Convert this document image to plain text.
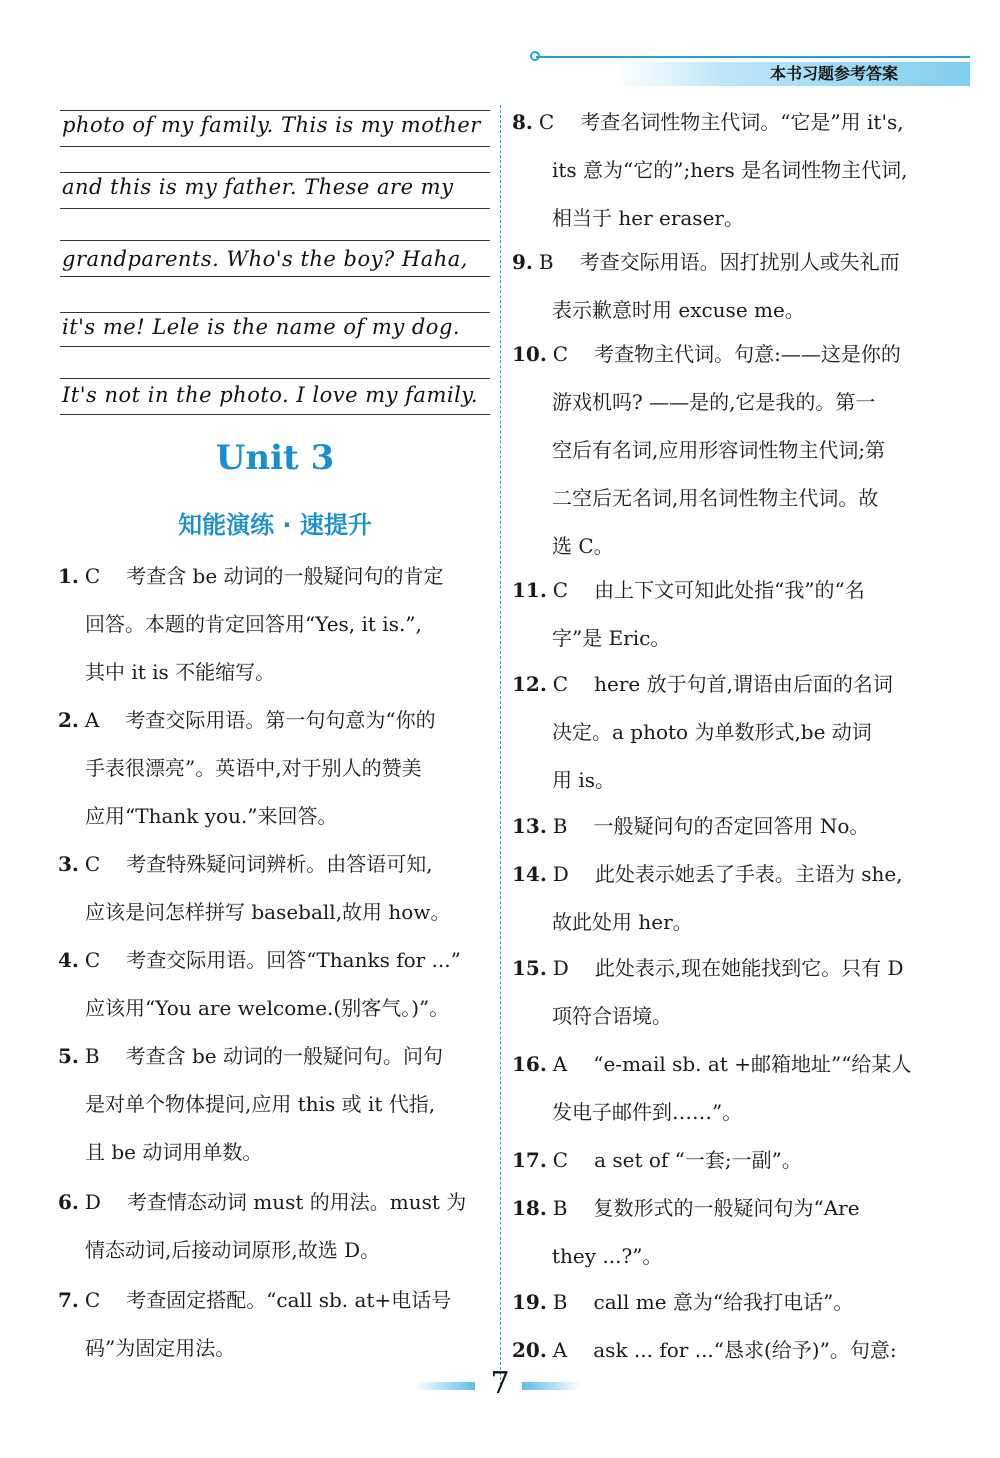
本书习题参考答案
photo of my family. This is my mother
and this is my father. These are my
grandparents. Who's the boy? Haha,
it's me! Lele is the name of my dog.
It's not in the photo. I love my family.
Unit 3
知能演练 · 速提升
1. C 考查含 be 动词的一般疑问句的肯定
回答。本题的肯定回答用“Yes, it is.”,
其中 it is 不能缩写。
2. A 考查交际用语。第一句句意为“你的
手表很漂亮”。英语中,对于别人的赞美
应用“Thank you.”来回答。
3. C 考查特殊疑问词辨析。由答语可知,
应该是问怎样拼写 baseball,故用 how。
4. C 考查交际用语。回答“Thanks for ...”
应该用“You are welcome.(别客气。)”。
5. B 考查含 be 动词的一般疑问句。问句
是对单个物体提问,应用 this 或 it 代指,
且 be 动词用单数。
6. D 考查情态动词 must 的用法。must 为
情态动词,后接动词原形,故选 D。
7. C 考查固定搭配。“call sb. at+电话号
码”为固定用法。
8. C 考查名词性物主代词。“它是”用 it's,
its 意为“它的”;hers 是名词性物主代词,
相当于 her eraser。
9. B 考查交际用语。因打扰别人或失礼而
表示歉意时用 excuse me。
10. C 考查物主代词。句意:——这是你的
游戏机吗? ——是的,它是我的。第一
空后有名词,应用形容词性物主代词;第
二空后无名词,用名词性物主代词。故
选 C。
11. C 由上下文可知此处指“我”的“名
字”是 Eric。
12. C here 放于句首,谓语由后面的名词
决定。a photo 为单数形式,be 动词
用 is。
13. B 一般疑问句的否定回答用 No。
14. D 此处表示她丢了手表。主语为 she,
故此处用 her。
15. D 此处表示,现在她能找到它。只有 D
项符合语境。
16. A “e-mail sb. at +邮箱地址”“给某人
发电子邮件到……”。
17. C a set of “一套;一副”。
18. B 复数形式的一般疑问句为“Are
they ...?”。
19. B call me 意为“给我打电话”。
20. A ask ... for ...“恳求(给予)”。句意:
7
